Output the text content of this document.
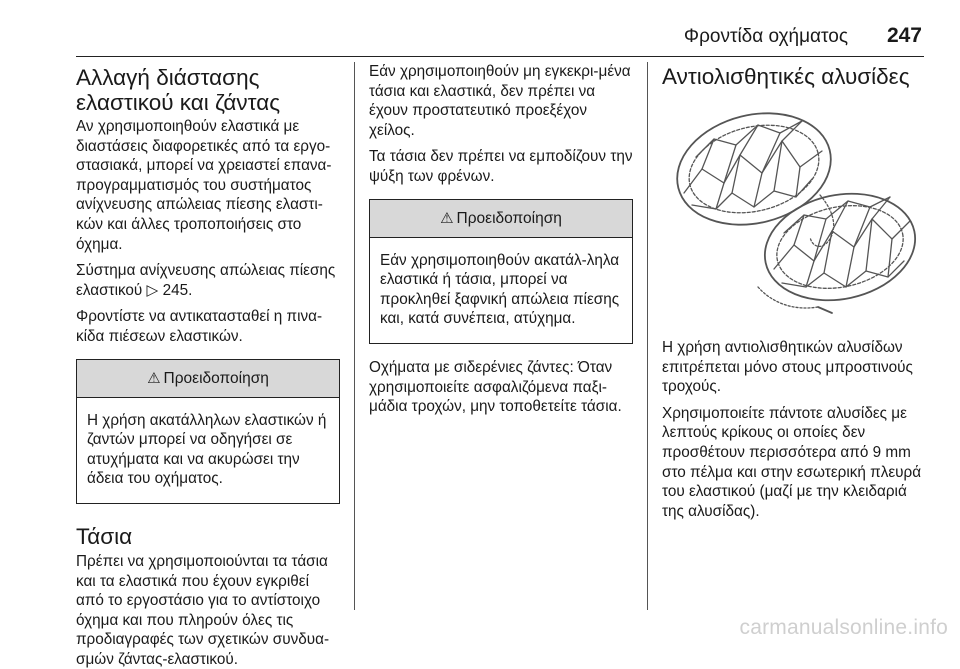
Φροντίδα οχήματος 247
Αλλαγή διάστασης
ελαστικού και ζάντας

Αν χρησιμοποιηθούν ελαστικά με διαστάσεις διαφορετικές από τα εργο-στασιακά, μπορεί να χρειαστεί επανα-προγραμματισμός του συστήματος ανίχνευσης απώλειας πίεσης ελαστι-κών και άλλες τροποποιήσεις στο όχημα.

Σύστημα ανίχνευσης απώλειας πίεσης ελαστικού ▷ 245.

Φροντίστε να αντικατασταθεί η πινα-κίδα πιέσεων ελαστικών.

⚠ Προειδοποίηση

Η χρήση ακατάλληλων ελαστικών ή ζαντών μπορεί να οδηγήσει σε ατυχήματα και να ακυρώσει την άδεια του οχήματος.

Τάσια

Πρέπει να χρησιμοποιούνται τα τάσια και τα ελαστικά που έχουν εγκριθεί από το εργοστάσιο για το αντίστοιχο όχημα και που πληρούν όλες τις προδιαγραφές των σχετικών συνδυα-σμών ζάντας-ελαστικού.

Εάν χρησιμοποιηθούν μη εγκεκρι-μένα τάσια και ελαστικά, δεν πρέπει να έχουν προστατευτικό προεξέχον χείλος.

Τα τάσια δεν πρέπει να εμποδίζουν την ψύξη των φρένων.

⚠ Προειδοποίηση

Εάν χρησιμοποιηθούν ακατάλ-ληλα ελαστικά ή τάσια, μπορεί να προκληθεί ξαφνική απώλεια πίεσης και, κατά συνέπεια, ατύχημα.

Οχήματα με σιδερένιες ζάντες: Όταν χρησιμοποιείτε ασφαλιζόμενα παξι-μάδια τροχών, μην τοποθετείτε τάσια.

Αντιολισθητικές αλυσίδες

Η χρήση αντιολισθητικών αλυσίδων επιτρέπεται μόνο στους μπροστινούς τροχούς.

Χρησιμοποιείτε πάντοτε αλυσίδες με λεπτούς κρίκους οι οποίες δεν προσθέτουν περισσότερα από 9 mm στο πέλμα και στην εσωτερική πλευρά του ελαστικού (μαζί με την κλειδαριά της αλυσίδας).

carmanualsonline.info
